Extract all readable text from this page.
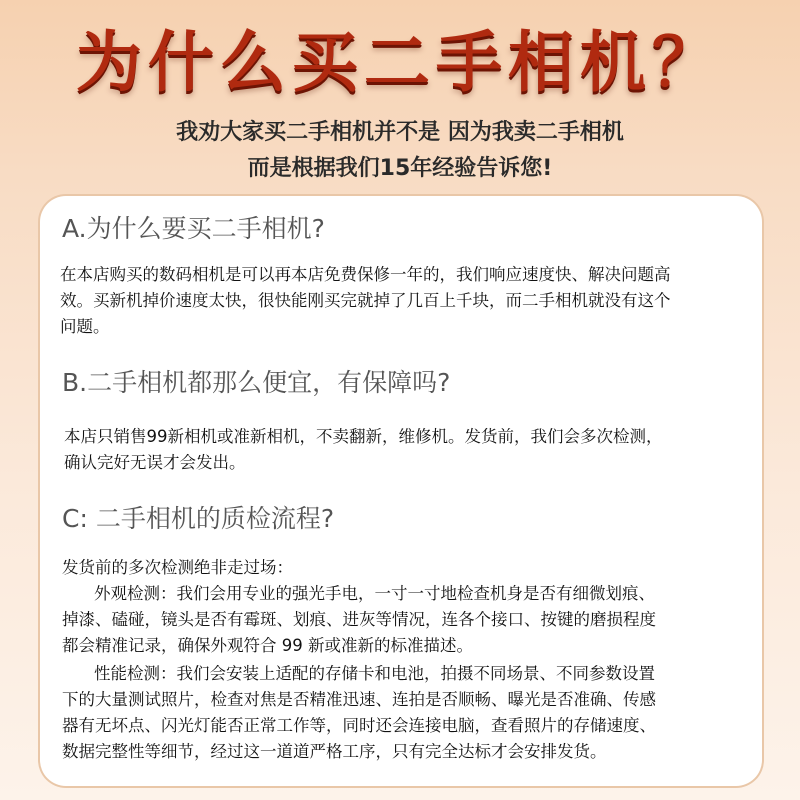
为什么买二手相机？
我劝大家买二手相机并不是 因为我卖二手相机
而是根据我们15年经验告诉您!
A.为什么要买二手相机?
在本店购买的数码相机是可以再本店免费保修一年的，我们响应速度快、解决问题高
效。买新机掉价速度太快，很快能刚买完就掉了几百上千块，而二手相机就没有这个
问题。
B.二手相机都那么便宜，有保障吗?
本店只销售99新相机或准新相机，不卖翻新，维修机。发货前，我们会多次检测，
确认完好无误才会发出。
C: 二手相机的质检流程?
发货前的多次检测绝非走过场：
外观检测：我们会用专业的强光手电，一寸一寸地检查机身是否有细微划痕、
掉漆、磕碰，镜头是否有霉斑、划痕、进灰等情况，连各个接口、按键的磨损程度
都会精准记录，确保外观符合 99 新或准新的标准描述。
性能检测：我们会安装上适配的存储卡和电池，拍摄不同场景、不同参数设置
下的大量测试照片，检查对焦是否精准迅速、连拍是否顺畅、曝光是否准确、传感
器有无坏点、闪光灯能否正常工作等，同时还会连接电脑，查看照片的存储速度、
数据完整性等细节，经过这一道道严格工序，只有完全达标才会安排发货。
